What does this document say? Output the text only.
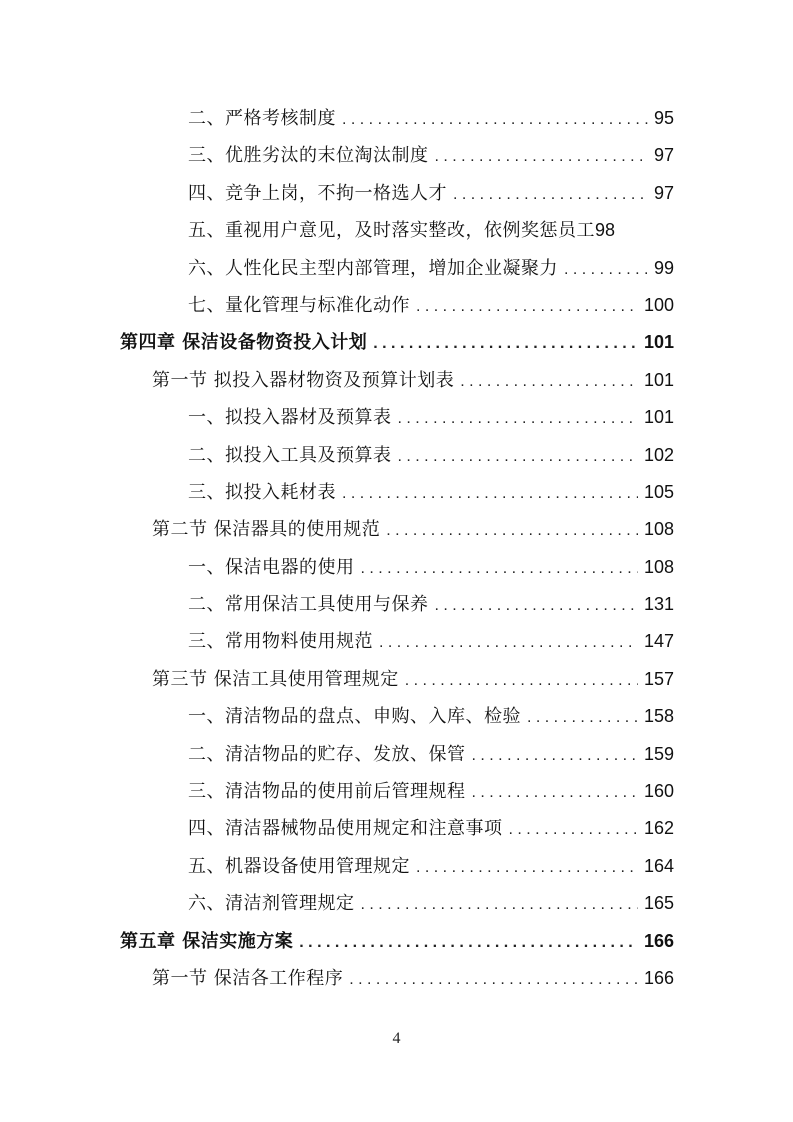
二、严格考核制度 . . .	95
三、优胜劣汰的末位淘汰制度 . . .	97
四、竞争上岗，不拘一格选人才 . . .	97
五、重视用户意见，及时落实整改，依例奖惩员工 98
六、人性化民主型内部管理，增加企业凝聚力 . . .	99
七、量化管理与标准化动作 . . .	100
第四章 保洁设备物资投入计划 . . .	101
第一节 拟投入器材物资及预算计划表 . . .	101
一、拟投入器材及预算表 . . .	101
二、拟投入工具及预算表 . . .	102
三、拟投入耗材表 . . .	105
第二节 保洁器具的使用规范 . . .	108
一、保洁电器的使用 . . .	108
二、常用保洁工具使用与保养 . . .	131
三、常用物料使用规范 . . .	147
第三节 保洁工具使用管理规定 . . .	157
一、清洁物品的盘点、申购、入库、检验 . . .	158
二、清洁物品的贮存、发放、保管 . . .	159
三、清洁物品的使用前后管理规程 . . .	160
四、清洁器械物品使用规定和注意事项 . . .	162
五、机器设备使用管理规定 . . .	164
六、清洁剂管理规定 . . .	165
第五章 保洁实施方案 . . .	166
第一节 保洁各工作程序 . . .	166
4
